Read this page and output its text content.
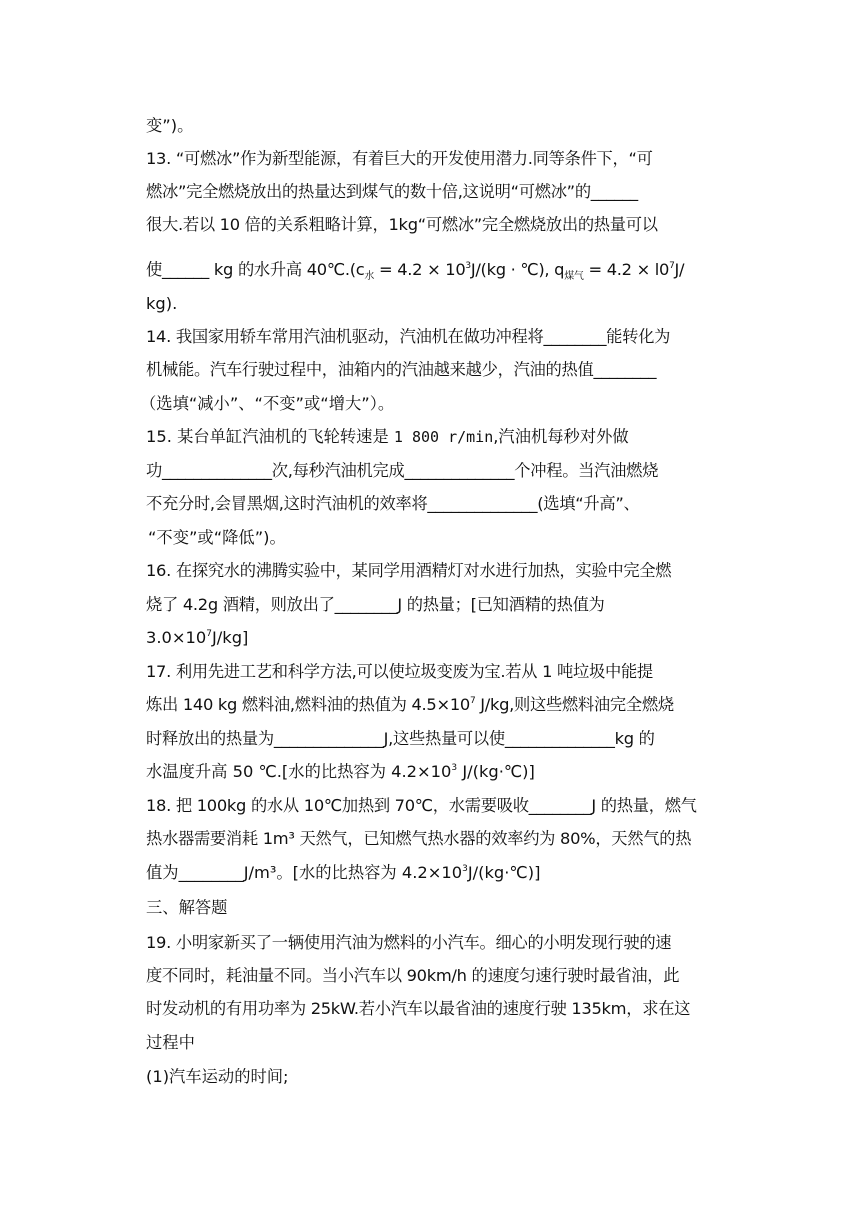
变”)。
13. “可燃冰”作为新型能源，有着巨大的开发使用潜力.同等条件下，“可
燃冰”完全燃烧放出的热量达到煤气的数十倍,这说明“可燃冰”的______
很大.若以 10 倍的关系粗略计算，1kg“可燃冰”完全燃烧放出的热量可以
使______ kg 的水升高 $40℃.(c_水 = 4.2 \times 10^3J/(kg$ · ℃), $q_{煤气} = 4.2 \times l0^7J/$
kg).
14. 我国家用轿车常用汽油机驱动，汽油机在做功冲程将________能转化为
机械能。汽车行驶过程中，油箱内的汽油越来越少，汽油的热值________
（选填“减小”、“不变”或“增大”）。
15. 某台单缸汽油机的飞轮转速是 1 800 r/min,汽油机每秒对外做
功______________次,每秒汽油机完成______________个冲程。当汽油燃烧
不充分时,会冒黑烟,这时汽油机的效率将______________(选填“升高”、
“不变”或“降低”)。
16. 在探究水的沸腾实验中，某同学用酒精灯对水进行加热，实验中完全燃
烧了 4.2g 酒精，则放出了________J 的热量；[已知酒精的热值为
$3.0\times 10^7J/kg$]
17. 利用先进工艺和科学方法,可以使垃圾变废为宝.若从 1 吨垃圾中能提
炼出 140 kg 燃料油,燃料油的热值为 $4.5\times 10^7$ J/kg,则这些燃料油完全燃烧
时释放出的热量为______________J,这些热量可以使______________kg 的
水温度升高 50 ℃.[水的比热容为 $4.2\times 10^3$ J/(kg·℃)]
18. 把 100kg 的水从 10℃加热到 70℃，水需要吸收________J 的热量，燃气
热水器需要消耗 1m³ 天然气，已知燃气热水器的效率约为 80%，天然气的热
值为________J/m³。[水的比热容为 $4.2\times 10^3J/(kg\cdot℃)$]
三、解答题
19. 小明家新买了一辆使用汽油为燃料的小汽车。细心的小明发现行驶的速
度不同时，耗油量不同。当小汽车以 90km/h 的速度匀速行驶时最省油，此
时发动机的有用功率为 25kW.若小汽车以最省油的速度行驶 135km，求在这
过程中
(1)汽车运动的时间;
